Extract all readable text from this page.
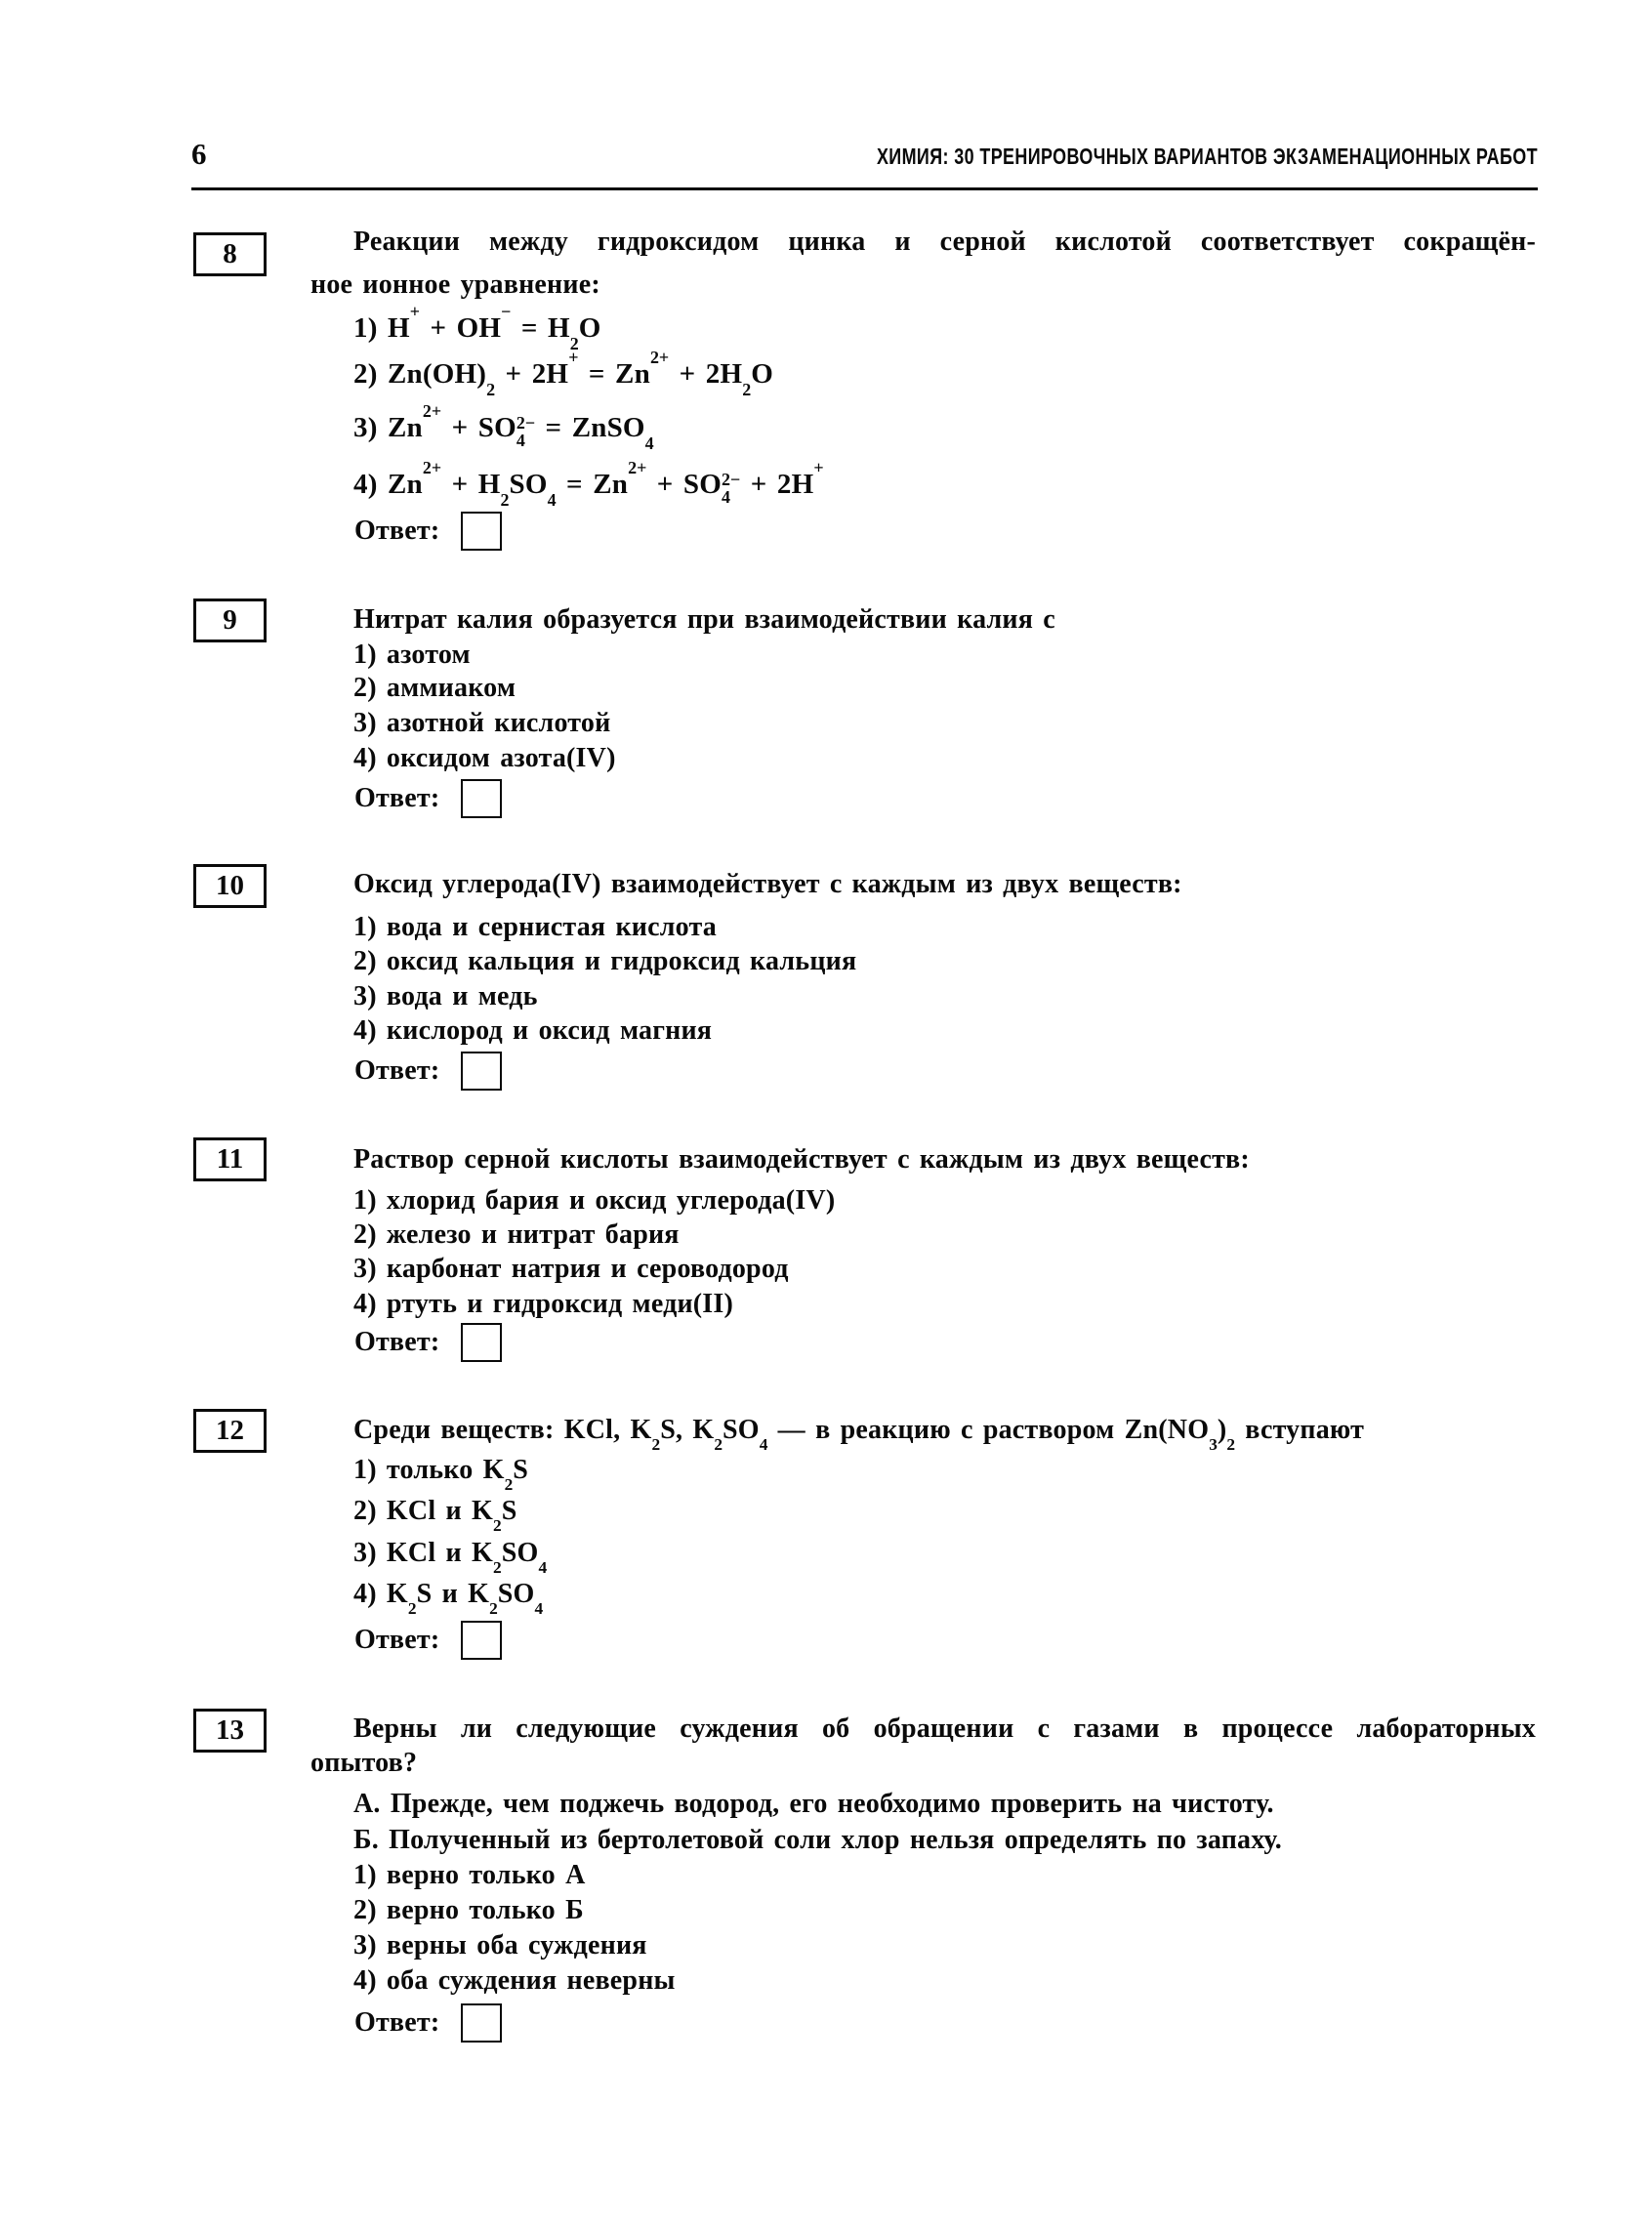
6	ХИМИЯ: 30 ТРЕНИРОВОЧНЫХ ВАРИАНТОВ ЭКЗАМЕНАЦИОННЫХ РАБОТ
8	Реакции между гидроксидом цинка и серной кислотой соответствует сокращён-
ное ионное уравнение:
1) $H^+ + OH^- = H_2O$
2) $Zn(OH)_2 + 2H^+ = Zn^{2+} + 2H_2O$
3) $Zn^{2+}$ + SO 2−
4 = ZnSO$_4$
4) $Zn^{2+} + H_2SO_4 = Zn^{2+}$ + SO 2−
4 + 2H+
Ответ:
9	Нитрат калия образуется при взаимодействии калия с
1) азотом
2) аммиаком
3) азотной кислотой
4) оксидом азота(IV)
Ответ:
10	Оксид углерода(IV) взаимодействует с каждым из двух веществ:
1) вода и сернистая кислота
2) оксид кальция и гидроксид кальция
3) вода и медь
4) кислород и оксид магния
Ответ:
11	Раствор серной кислоты взаимодействует с каждым из двух веществ:
1) хлорид бария и оксид углерода(IV)
2) железо и нитрат бария
3) карбонат натрия и сероводород
4) ртуть и гидроксид меди(II)
Ответ:
12	Среди веществ: KCl, $K_2S$, $K_2SO_4$ — в реакцию с раствором $Zn(NO_3)_2$ вступают
1) только $K_2S$
2) KCl и $K_2S$
3) KCl и $K_2SO_4$
4) $K_2S$ и $K_2SO_4$
Ответ:
13	Верны ли следующие суждения об обращении с газами в процессе лабораторных
опытов?
А. Прежде, чем поджечь водород, его необходимо проверить на чистоту.
Б. Полученный из бертолетовой соли хлор нельзя определять по запаху.
1) верно только А
2) верно только Б
3) верны оба суждения
4) оба суждения неверны
Ответ:
